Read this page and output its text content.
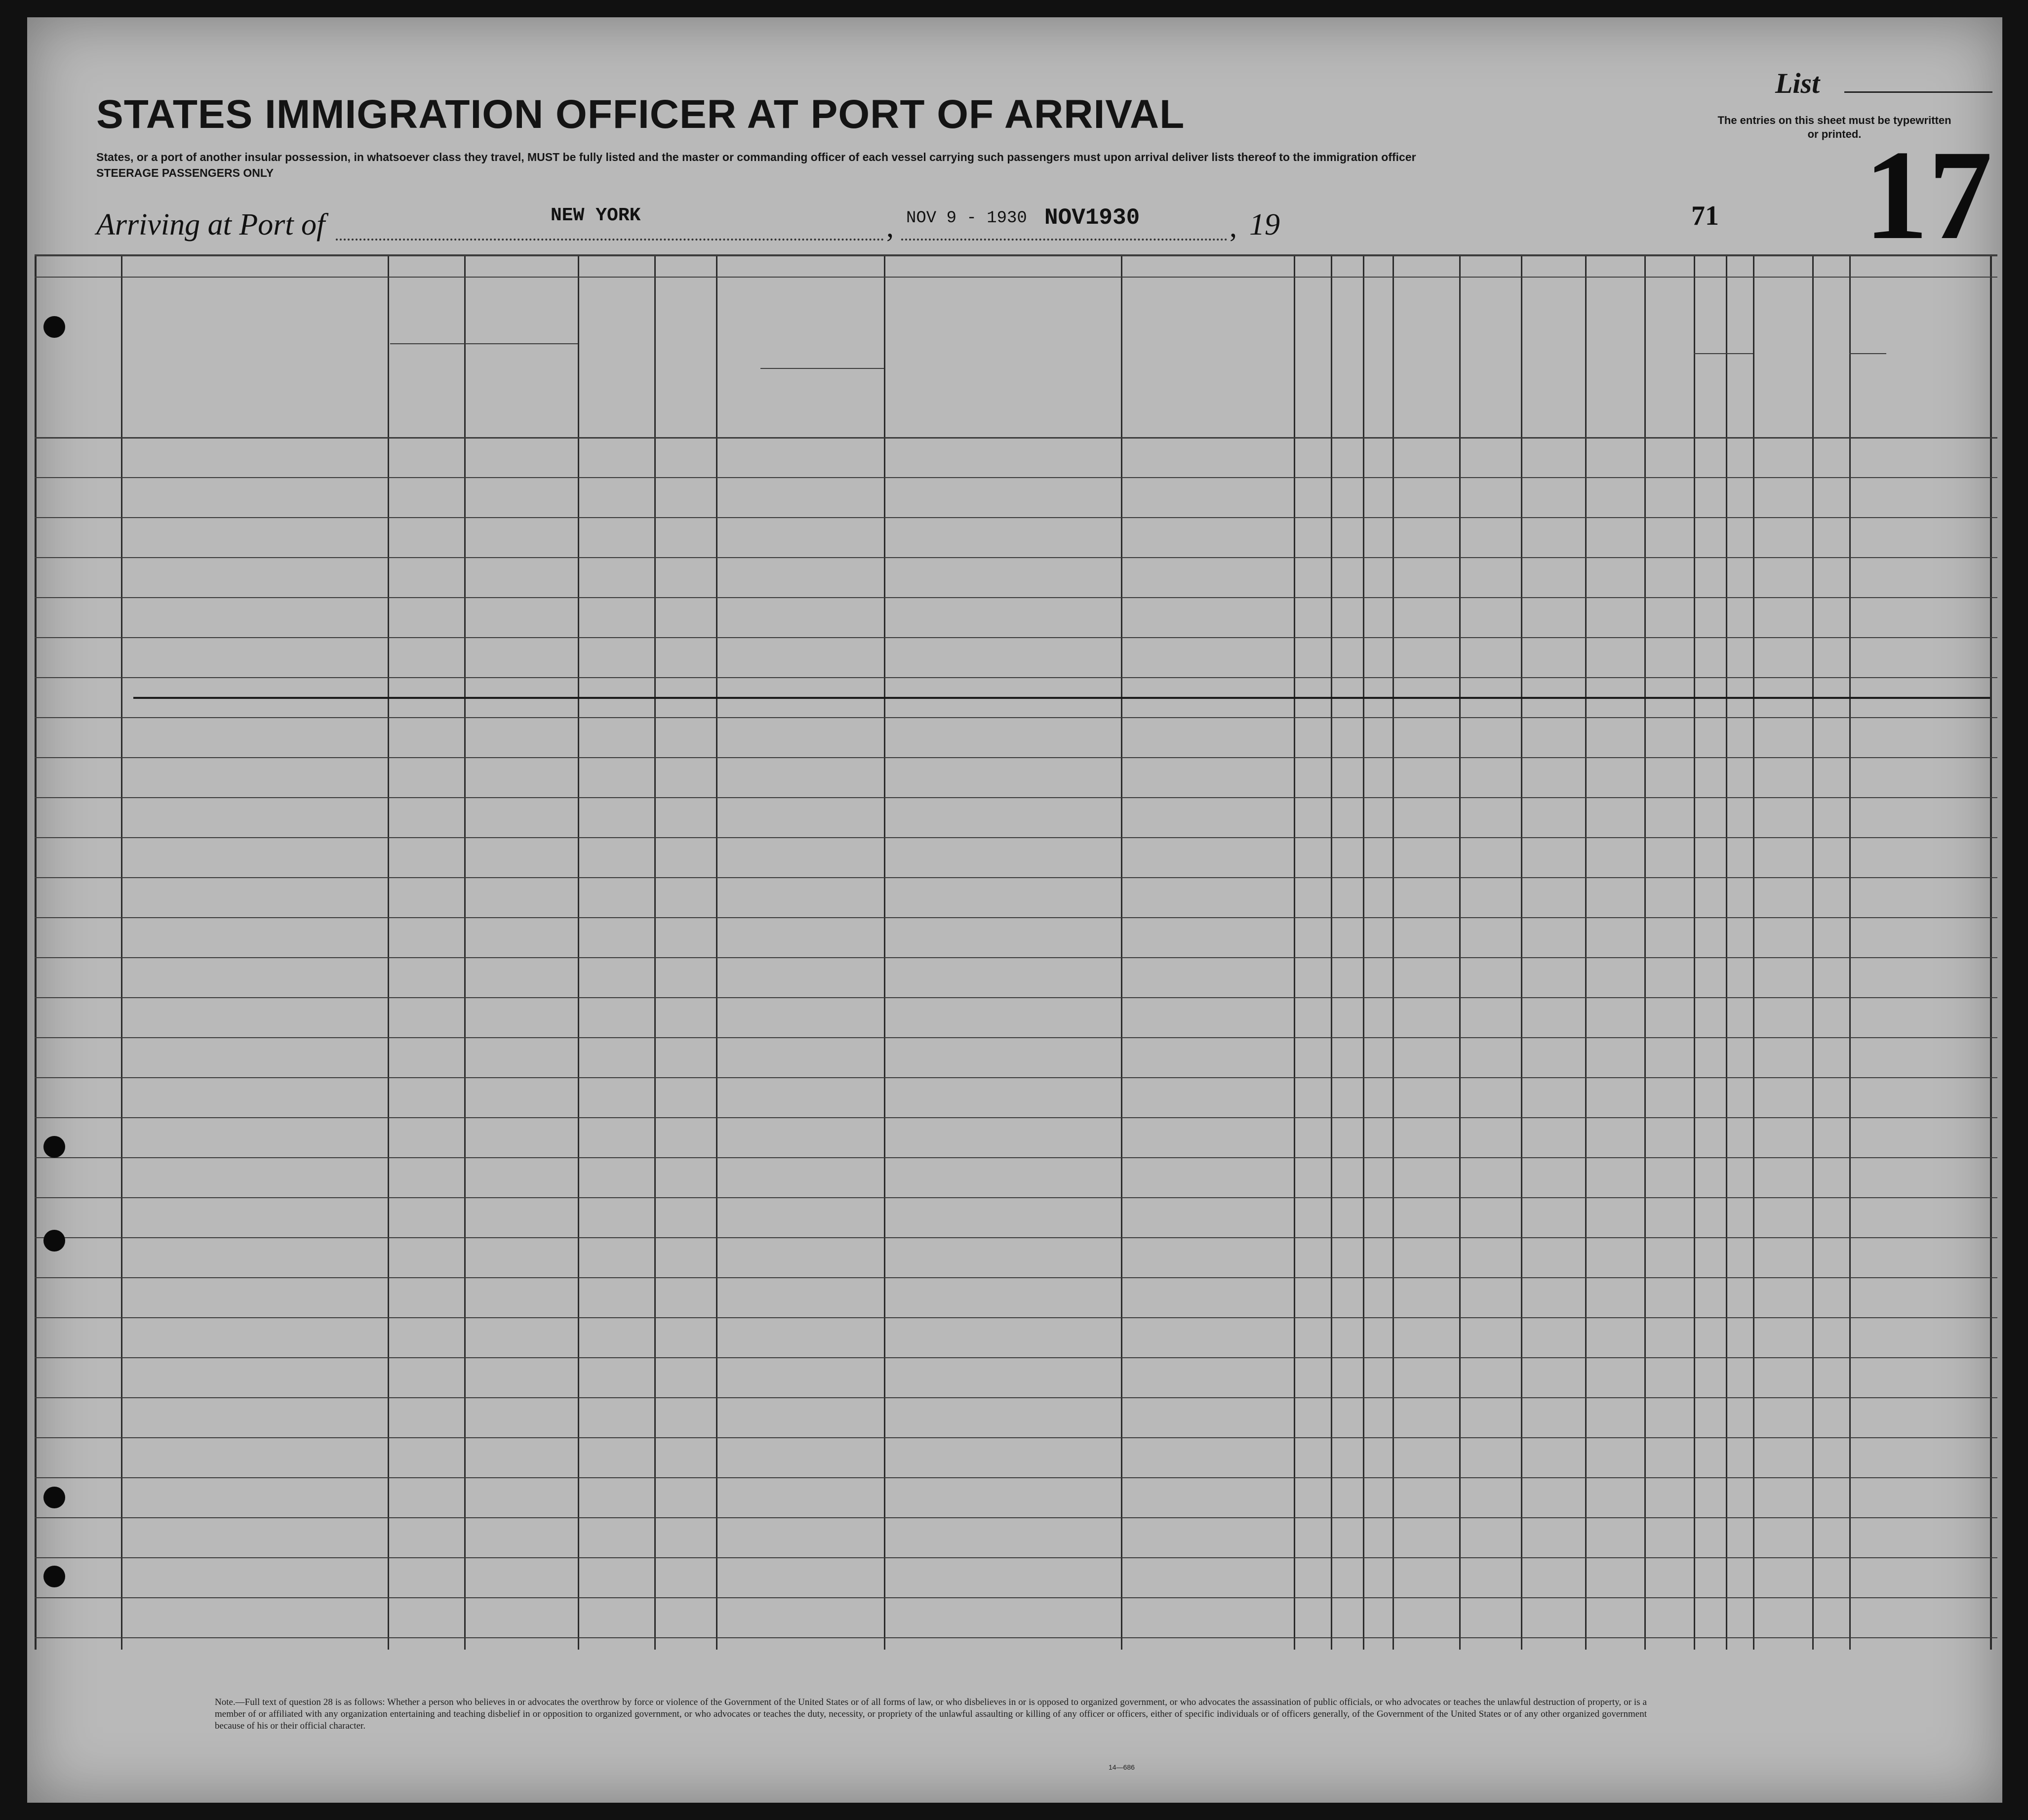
STATES IMMIGRATION OFFICER AT PORT OF ARRIVAL
List
The entries on this sheet must be typewritten or printed.
States, or a port of another insular possession, in whatsoever class they travel, MUST be fully listed and the master or commanding officer of each vessel carrying such passengers must upon arrival deliver lists thereof to the immigration officer
STEERAGE PASSENGERS ONLY
Arriving at Port of	NEW YORK	, NOV 9 - 1930 NOV1930	, 19	71 17
Note.—Full text of question 28 is as follows: Whether a person who believes in or advocates the overthrow by force or violence of the Government of the United States or of all forms of law, or who disbelieves in or is opposed to organized government, or who advocates the assassination of public officials, or who advocates or teaches the unlawful destruction of property, or is a member of or affiliated with any organization entertaining and teaching disbelief in or opposition to organized government, or who advocates or teaches the duty, necessity, or propriety of the unlawful assaulting or killing of any officer or officers, either of specific individuals or of officers generally, of the Government of the United States or of any other organized government because of his or their official character.
14—686
